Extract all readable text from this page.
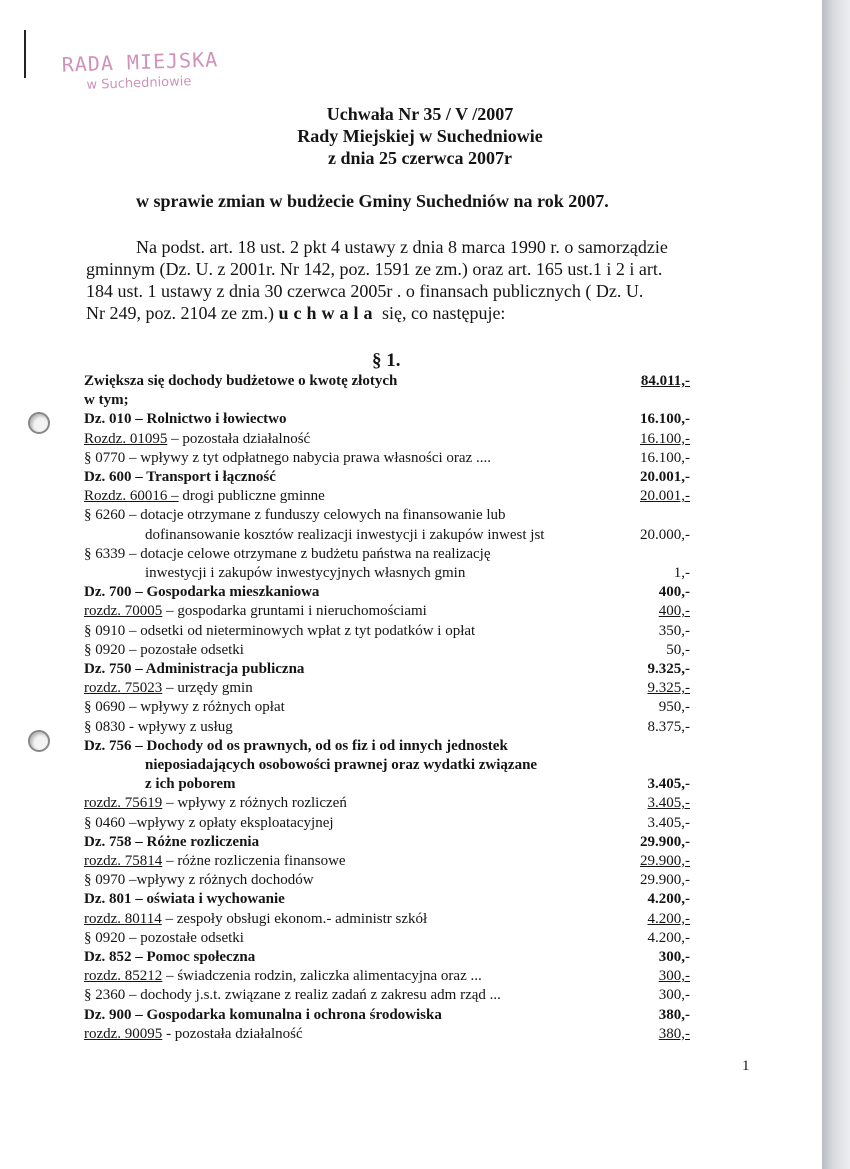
RADA MIEJSKA
w Suchedniowie
Uchwała Nr 35 / V /2007
Rady Miejskiej w Suchedniowie
z dnia 25 czerwca 2007r
w sprawie zmian w budżecie Gminy Suchedniów na rok 2007.

Na podst. art. 18 ust. 2 pkt 4 ustawy z dnia 8 marca 1990 r. o samorządzie

gminnym (Dz. U. z 2001r. Nr 142, poz. 1591 ze zm.) oraz art. 165 ust.1 i 2 i art.

184 ust. 1 ustawy z dnia 30 czerwca 2005r . o finansach publicznych ( Dz. U.

Nr 249, poz. 2104 ze zm.) uchwala się, co następuje:

§ 1.
Zwiększa się dochody budżetowe o kwotę złotych	84.011,-
w tym;
Dz. 010 – Rolnictwo i łowiectwo	16.100,-
Rozdz. 01095 – pozostała działalność	16.100,-
§ 0770 – wpływy z tyt odpłatnego nabycia prawa własności oraz ....	16.100,-
Dz. 600 – Transport i łączność	20.001,-
Rozdz. 60016 – drogi publiczne gminne	20.001,-
§ 6260 – dotacje otrzymane z funduszy celowych na finansowanie lub
dofinansowanie kosztów realizacji inwestycji i zakupów inwest jst	20.000,-
§ 6339 – dotacje celowe otrzymane z budżetu państwa na realizację
inwestycji i zakupów inwestycyjnych własnych gmin	1,-
Dz. 700 – Gospodarka mieszkaniowa	400,-
rozdz. 70005 – gospodarka gruntami i nieruchomościami	400,-
§ 0910 – odsetki od nieterminowych wpłat z tyt podatków i opłat	350,-
§ 0920 – pozostałe odsetki	50,-
Dz. 750 – Administracja publiczna	9.325,-
rozdz. 75023 – urzędy gmin	9.325,-
§ 0690 – wpływy z różnych opłat	950,-
§ 0830 - wpływy z usług	8.375,-
Dz. 756 – Dochody od os prawnych, od os fiz i od innych jednostek
nieposiadających osobowości prawnej oraz wydatki związane
z ich poborem	3.405,-
rozdz. 75619 – wpływy z różnych rozliczeń	3.405,-
§ 0460 –wpływy z opłaty eksploatacyjnej	3.405,-
Dz. 758 – Różne rozliczenia	29.900,-
rozdz. 75814 – różne rozliczenia finansowe	29.900,-
§ 0970 –wpływy z różnych dochodów	29.900,-
Dz. 801 – oświata i wychowanie	4.200,-
rozdz. 80114 – zespoły obsługi ekonom.- administr szkół	4.200,-
§ 0920 – pozostałe odsetki	4.200,-
Dz. 852 – Pomoc społeczna	300,-
rozdz. 85212 – świadczenia rodzin, zaliczka alimentacyjna oraz ...	300,-
§ 2360 – dochody j.s.t. związane z realiz zadań z zakresu adm rząd ...	300,-
Dz. 900 – Gospodarka komunalna i ochrona środowiska	380,-
rozdz. 90095 - pozostała działalność	380,-
1
